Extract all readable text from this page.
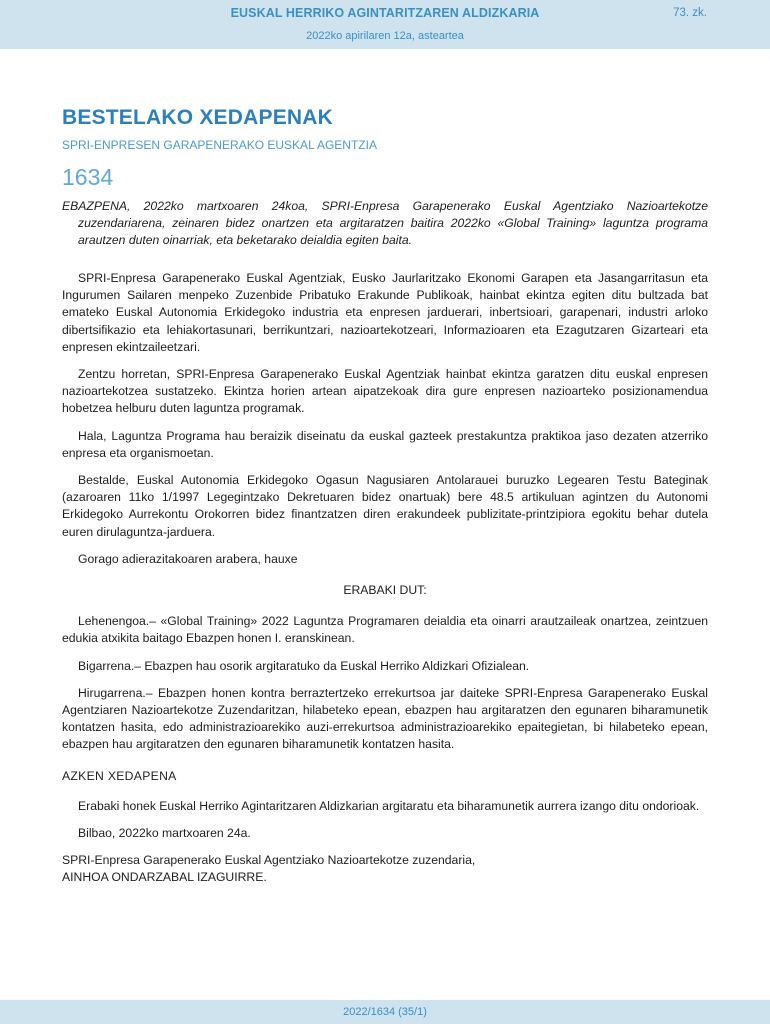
EUSKAL HERRIKO AGINTARITZAREN ALDIZKARIA	73. zk.
2022ko apirilaren 12a, asteartea
BESTELAKO XEDAPENAK
SPRI-ENPRESEN GARAPENERAKO EUSKAL AGENTZIA
1634
EBAZPENA, 2022ko martxoaren 24koa, SPRI-Enpresa Garapenerako Euskal Agentziako Nazioartekotze zuzendariarena, zeinaren bidez onartzen eta argitaratzen baitira 2022ko «Global Training» laguntza programa arautzen duten oinarriak, eta beketarako deialdia egiten baita.

SPRI-Enpresa Garapenerako Euskal Agentziak, Eusko Jaurlaritzako Ekonomi Garapen eta Jasangarritasun eta Ingurumen Sailaren menpeko Zuzenbide Pribatuko Erakunde Publikoak, hainbat ekintza egiten ditu bultzada bat emateko Euskal Autonomia Erkidegoko industria eta enpresen jarduerari, inbertsioari, garapenari, industri arloko dibertsifikazio eta lehiakortasunari, berrikuntzari, nazioartekotzeari, Informazioaren eta Ezagutzaren Gizarteari eta enpresen ekintzaileetzari.

Zentzu horretan, SPRI-Enpresa Garapenerako Euskal Agentziak hainbat ekintza garatzen ditu euskal enpresen nazioartekotzea sustatzeko. Ekintza horien artean aipatzekoak dira gure enpresen nazioarteko posizionamendua hobetzea helburu duten laguntza programak.

Hala, Laguntza Programa hau beraizik diseinatu da euskal gazteek prestakuntza praktikoa jaso dezaten atzerriko enpresa eta organismoetan.

Bestalde, Euskal Autonomia Erkidegoko Ogasun Nagusiaren Antolarauei buruzko Legearen Testu Bateginak (azaroaren 11ko 1/1997 Legegintzako Dekretuaren bidez onartuak) bere 48.5 artikuluan agintzen du Autonomi Erkidegoko Aurrekontu Orokorren bidez finantzatzen diren erakundeek publizitate-printzipiora egokitu behar dutela euren dirulaguntza-jarduera.

Gorago adierazitakoaren arabera, hauxe

ERABAKI DUT:

Lehenengoa.– «Global Training» 2022 Laguntza Programaren deialdia eta oinarri arautzaileak onartzea, zeintzuen edukia atxikita baitago Ebazpen honen I. eranskinean.

Bigarrena.– Ebazpen hau osorik argitaratuko da Euskal Herriko Aldizkari Ofizialean.

Hirugarrena.– Ebazpen honen kontra berraztertzeko errekurtsoa jar daiteke SPRI-Enpresa Garapenerako Euskal Agentziaren Nazioartekotze Zuzendaritzan, hilabeteko epean, ebazpen hau argitaratzen den egunaren biharamunetik kontatzen hasita, edo administrazioarekiko auzi-errekurtsoa administrazioarekiko epaitegietan, bi hilabeteko epean, ebazpen hau argitaratzen den egunaren biharamunetik kontatzen hasita.

AZKEN XEDAPENA

Erabaki honek Euskal Herriko Agintaritzaren Aldizkarian argitaratu eta biharamunetik aurrera izango ditu ondorioak.

Bilbao, 2022ko martxoaren 24a.

SPRI-Enpresa Garapenerako Euskal Agentziako Nazioartekotze zuzendaria,

AINHOA ONDARZABAL IZAGUIRRE.

2022/1634 (35/1)
